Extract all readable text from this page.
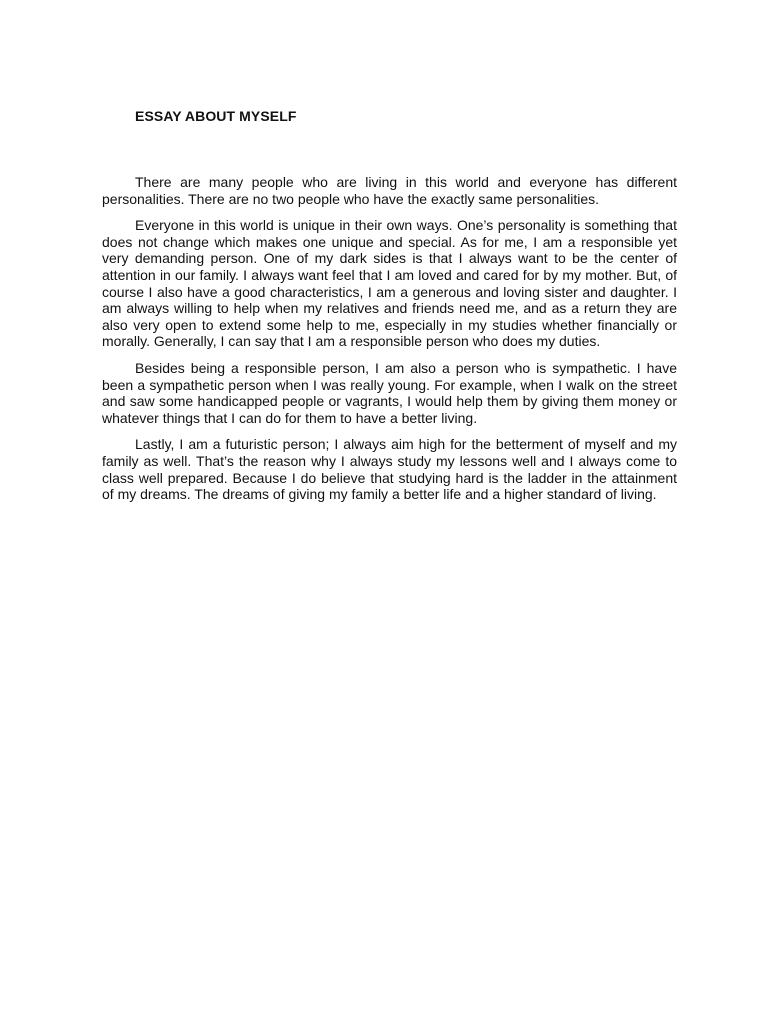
ESSAY ABOUT MYSELF

There are many people who are living in this world and everyone has different personalities. There are no two people who have the exactly same personalities.

Everyone in this world is unique in their own ways. One’s personality is something that does not change which makes one unique and special. As for me, I am a responsible yet very demanding person. One of my dark sides is that I always want to be the center of attention in our family. I always want feel that I am loved and cared for by my mother. But, of course I also have a good characteristics, I am a generous and loving sister and daughter. I am always willing to help when my relatives and friends need me, and as a return they are also very open to extend some help to me, especially in my studies whether financially or morally. Generally, I can say that I am a responsible person who does my duties.

Besides being a responsible person, I am also a person who is sympathetic. I have been a sympathetic person when I was really young. For example, when I walk on the street and saw some handicapped people or vagrants, I would help them by giving them money or whatever things that I can do for them to have a better living.

Lastly, I am a futuristic person; I always aim high for the betterment of myself and my family as well. That’s the reason why I always study my lessons well and I always come to class well prepared. Because I do believe that studying hard is the ladder in the attainment of my dreams. The dreams of giving my family a better life and a higher standard of living.
